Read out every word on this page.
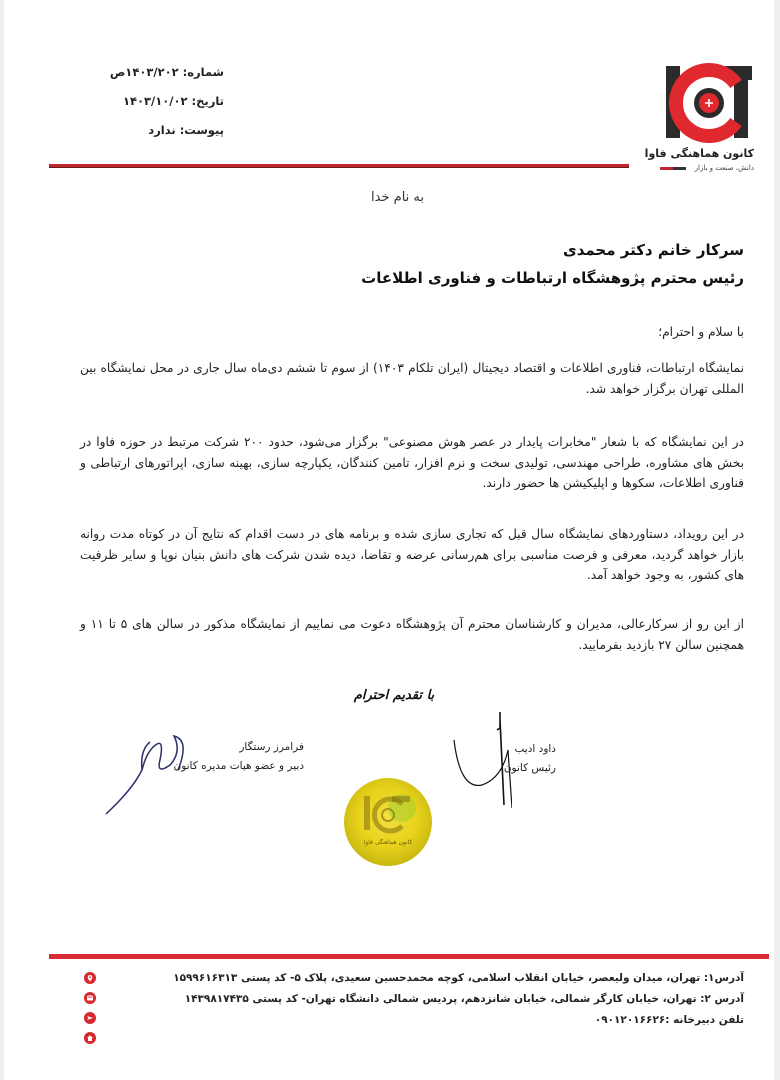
شماره: ۱۴۰۳/۲۰۲ص
تاریخ: ۱۴۰۳/۱۰/۰۲
پیوست: ندارد
کانون هماهنگی فاوا
دانش، صنعت و بازار
به نام خدا
سرکار خانم دکتر محمدی
رئیس محترم پژوهشگاه ارتباطات و فناوری اطلاعات
با سلام و احترام؛
نمایشگاه ارتباطات، فناوری اطلاعات و اقتصاد دیجیتال (ایران تلکام ۱۴۰۳) از سوم تا ششم دی‌ماه سال جاری در محل نمایشگاه بین المللی تهران برگزار خواهد شد.
در این نمایشگاه که با شعار "مخابرات پایدار در عصر هوش مصنوعی" برگزار می‌شود، حدود ۲۰۰ شرکت مرتبط در حوزه فاوا در بخش های مشاوره، طراحی مهندسی، تولیدی سخت و نرم افزار، تامین کنندگان، یکپارچه سازی، بهینه سازی، اپراتورهای ارتباطی و فناوری اطلاعات، سکوها و اپلیکیشن ها حضور دارند.
در این رویداد، دستاوردهای نمایشگاه سال قبل که تجاری سازی شده و برنامه های در دست اقدام که نتایج آن در کوتاه مدت روانه بازار خواهد گردید، معرفی و فرصت مناسبی برای هم‌رسانی عرضه و تقاضا، دیده شدن شرکت های دانش بنیان نوپا و سایر ظرفیت های کشور، به وجود خواهد آمد.
از این رو از سرکارعالی، مدیران و کارشناسان محترم آن پژوهشگاه دعوت می نماییم از نمایشگاه مذکور در سالن های ۵ تا ۱۱ و همچنین سالن ۲۷ بازدید بفرمایید.
با تقدیم احترام
داود ادیب
رئیس کانون
فرامرز رستگار
دبیر و عضو هیات مدیره کانون
کانون هماهنگی فاوا
آدرس۱: تهران، میدان ولیعصر، خیابان انقلاب اسلامی، کوچه محمدحسین سعیدی، پلاک ۵- کد پستی ۱۵۹۹۶۱۶۳۱۳
آدرس ۲: تهران، خیابان کارگر شمالی، خیابان شانزدهم، پردیس شمالی دانشگاه تهران- کد پستی ۱۴۳۹۸۱۷۴۳۵
تلفن دبیرخانه :۰۹۰۱۲۰۱۶۶۲۶
